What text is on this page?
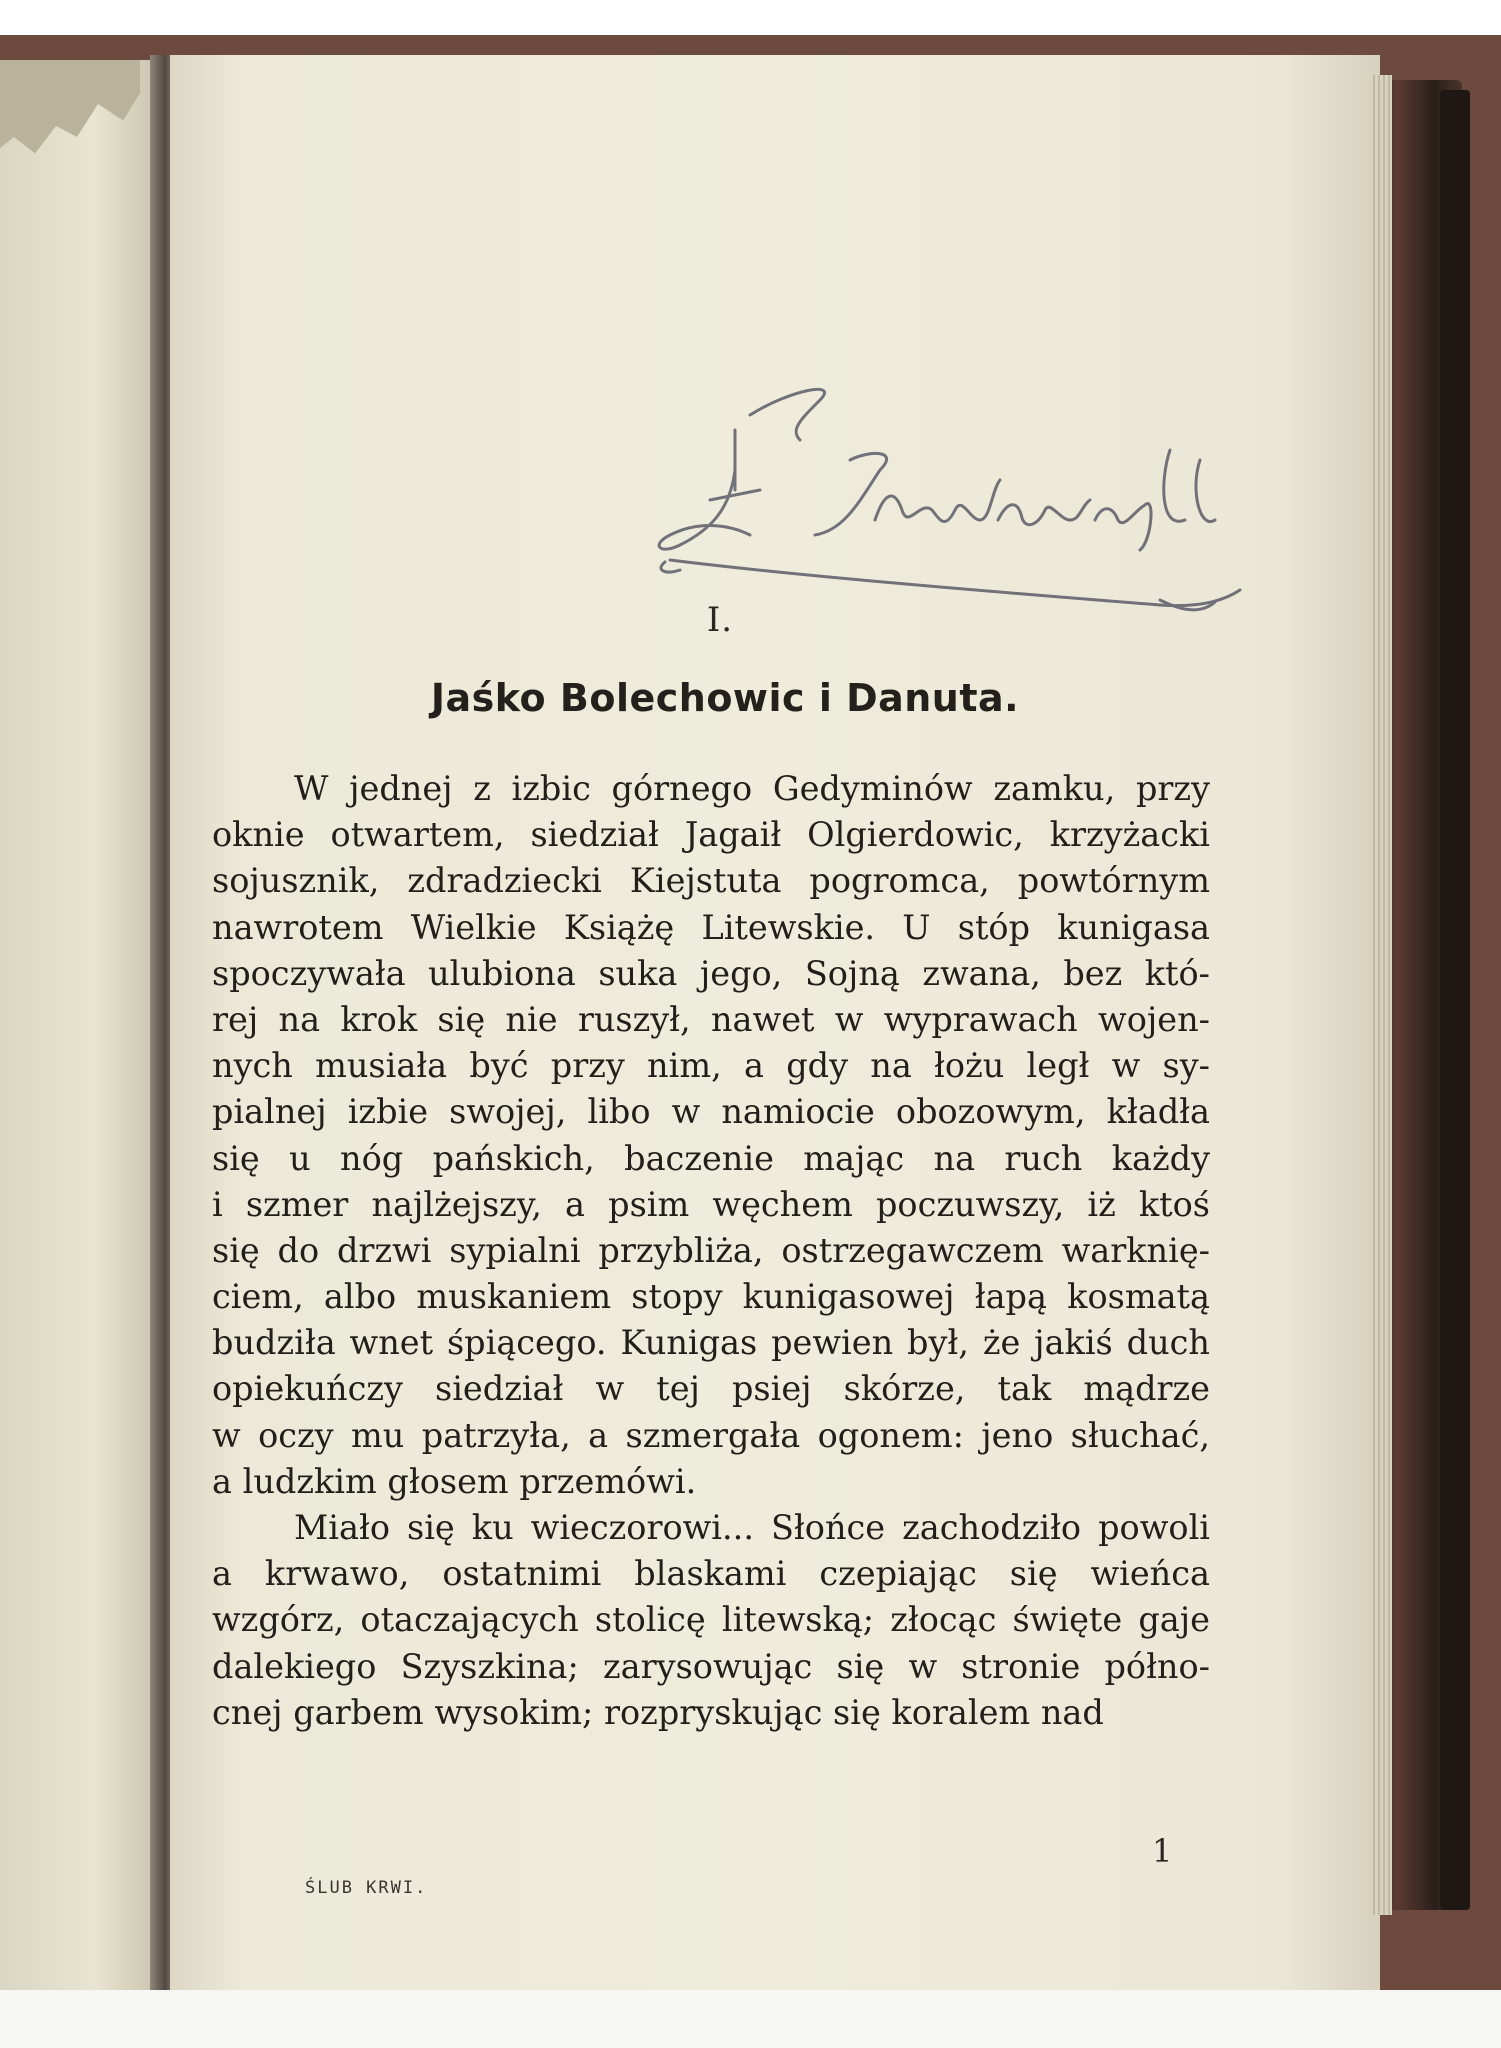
I.
Jaśko Bolechowic i Danuta.
W jednej z izbic górnego Gedyminów zamku, przy
oknie otwartem, siedział Jagaił Olgierdowic, krzyżacki
sojusznik, zdradziecki Kiejstuta pogromca, powtórnym
nawrotem Wielkie Książę Litewskie. U stóp kunigasa
spoczywała ulubiona suka jego, Sojną zwana, bez któ-
rej na krok się nie ruszył, nawet w wyprawach wojen-
nych musiała być przy nim, a gdy na łożu legł w sy-
pialnej izbie swojej, libo w namiocie obozowym, kładła
się u nóg pańskich, baczenie mając na ruch każdy
i szmer najlżejszy, a psim węchem poczuwszy, iż ktoś
się do drzwi sypialni przybliża, ostrzegawczem warknię-
ciem, albo muskaniem stopy kunigasowej łapą kosmatą
budziła wnet śpiącego. Kunigas pewien był, że jakiś duch
opiekuńczy siedział w tej psiej skórze, tak mądrze
w oczy mu patrzyła, a szmergała ogonem: jeno słuchać,
a ludzkim głosem przemówi.
Miało się ku wieczorowi... Słońce zachodziło powoli
a krwawo, ostatnimi blaskami czepiając się wieńca
wzgórz, otaczających stolicę litewską; złocąc święte gaje
dalekiego Szyszkina; zarysowując się w stronie półno-
cnej garbem wysokim; rozpryskując się koralem nad
1
ŚLUB KRWI.
